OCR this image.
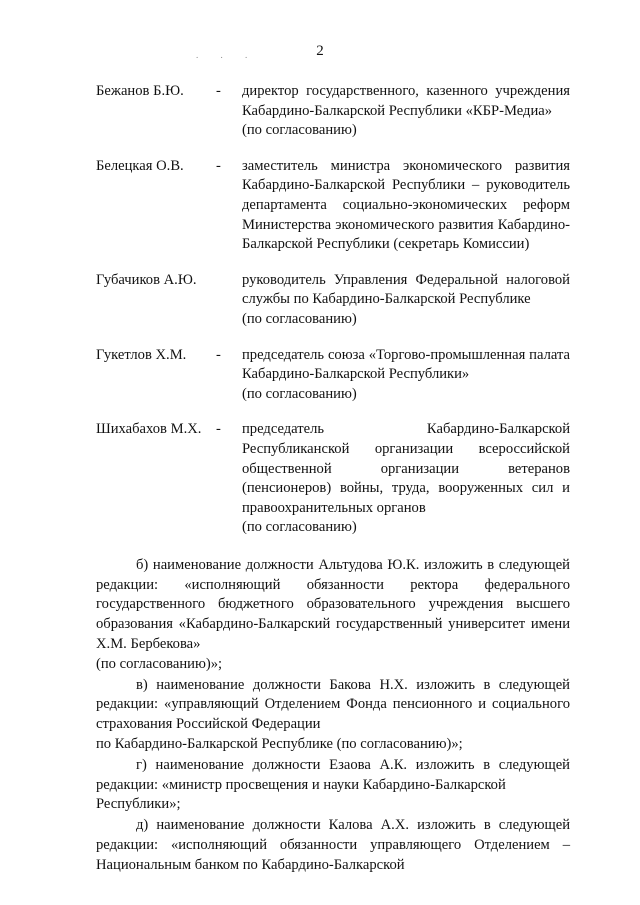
. . .	2
Бежанов Б.Ю.	-	директор государственного, казенного учреждения Кабардино-Балкарской Республики «КБР-Медиа»
(по согласованию)
Белецкая О.В.	-	заместитель министра экономического развития Кабардино-Балкарской Республики – руководитель департамента социально-экономических реформ Министерства экономического развития Кабардино-Балкарской Республики (секретарь Комиссии)
Губачиков А.Ю.	руководитель Управления Федеральной налоговой службы по Кабардино-Балкарской Республике
(по согласованию)
Гукетлов Х.М.	-	председатель союза «Торгово-промышленная палата Кабардино-Балкарской Республики»
(по согласованию)
Шихабахов М.Х. -	председатель Кабардино-Балкарской Республиканской организации всероссийской общественной организации ветеранов (пенсионеров) войны, труда, вооруженных сил и правоохранительных органов
(по согласованию)

б) наименование должности Альтудова Ю.К. изложить в следующей редакции: «исполняющий обязанности ректора федерального государственного бюджетного образовательного учреждения высшего образования «Кабардино-Балкарский государственный университет имени Х.М. Бербекова»
(по согласованию)»;

в) наименование должности Бакова Н.Х. изложить в следующей редакции: «управляющий Отделением Фонда пенсионного и социального страхования Российской Федерации
по Кабардино-Балкарской Республике (по согласованию)»;

г) наименование должности Езаова А.К. изложить в следующей редакции: «министр просвещения и науки Кабардино-Балкарской
Республики»;

д) наименование должности Калова А.Х. изложить в следующей редакции: «исполняющий обязанности управляющего Отделением – Национальным банком по Кабардино-Балкарской
